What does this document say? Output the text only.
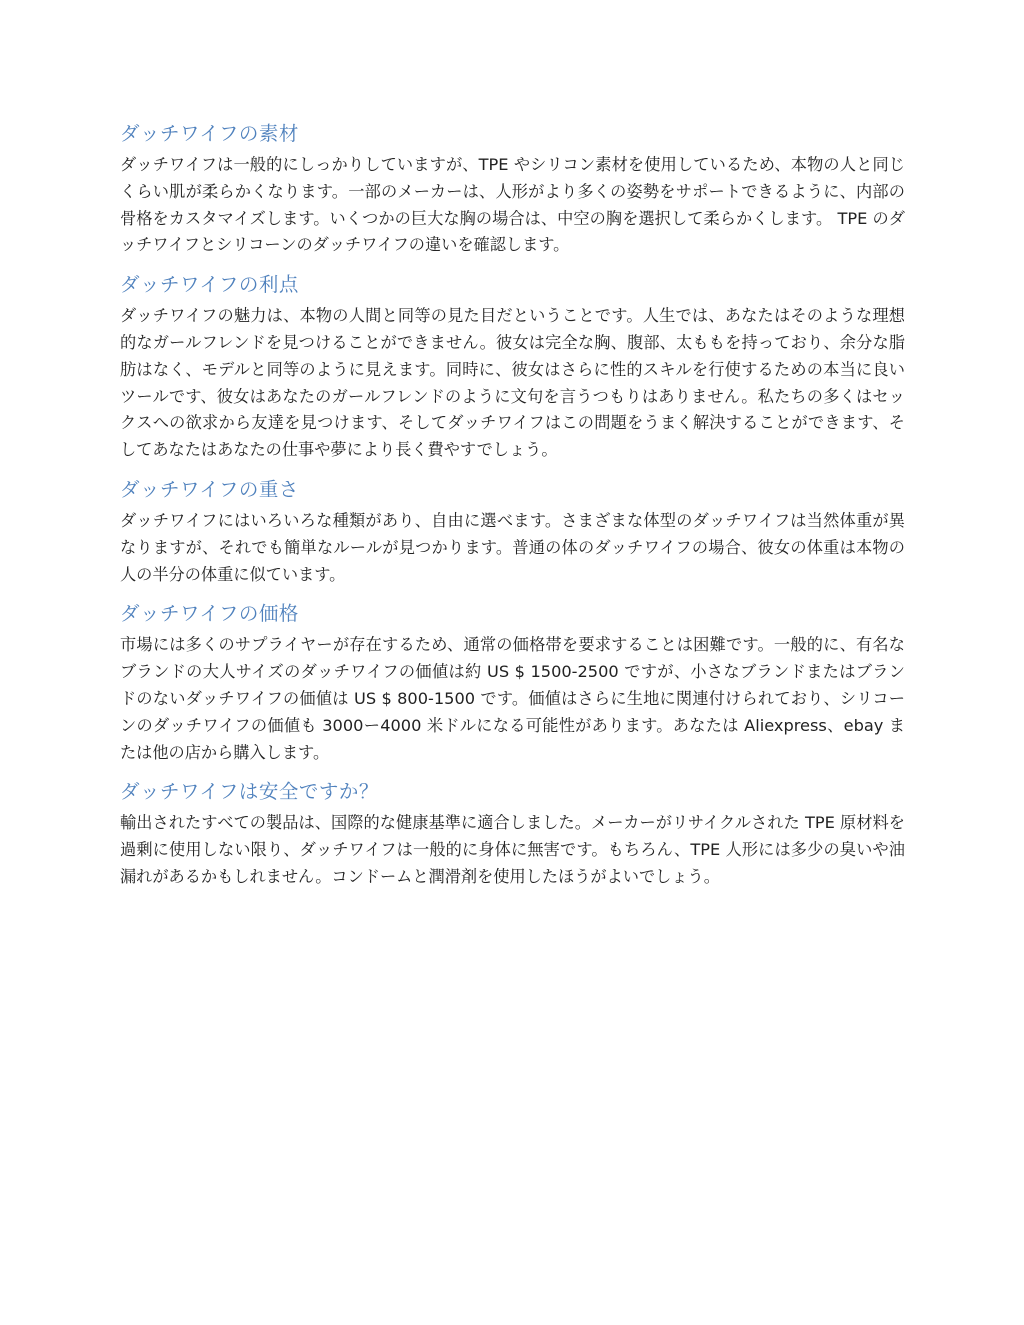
ダッチワイフの素材

ダッチワイフは一般的にしっかりしていますが、TPE やシリコン素材を使用しているため、本物の人と同じくらい肌が柔らかくなります。一部のメーカーは、人形がより多くの姿勢をサポートできるように、内部の骨格をカスタマイズします。いくつかの巨大な胸の場合は、中空の胸を選択して柔らかくします。 TPE のダッチワイフとシリコーンのダッチワイフの違いを確認します。

ダッチワイフの利点

ダッチワイフの魅力は、本物の人間と同等の見た目だということです。人生では、あなたはそのような理想的なガールフレンドを見つけることができません。彼女は完全な胸、腹部、太ももを持っており、余分な脂肪はなく、モデルと同等のように見えます。同時に、彼女はさらに性的スキルを行使するための本当に良いツールです、彼女はあなたのガールフレンドのように文句を言うつもりはありません。私たちの多くはセックスへの欲求から友達を見つけます、そしてダッチワイフはこの問題をうまく解決することができます、そしてあなたはあなたの仕事や夢により長く費やすでしょう。

ダッチワイフの重さ

ダッチワイフにはいろいろな種類があり、自由に選べます。さまざまな体型のダッチワイフは当然体重が異なりますが、それでも簡単なルールが見つかります。普通の体のダッチワイフの場合、彼女の体重は本物の人の半分の体重に似ています。

ダッチワイフの価格

市場には多くのサプライヤーが存在するため、通常の価格帯を要求することは困難です。一般的に、有名なブランドの大人サイズのダッチワイフの価値は約 US $ 1500-2500 ですが、小さなブランドまたはブランドのないダッチワイフの価値は US $ 800-1500 です。価値はさらに生地に関連付けられており、シリコーンのダッチワイフの価値も 3000ー4000 米ドルになる可能性があります。あなたは Aliexpress、ebay または他の店から購入します。

ダッチワイフは安全ですか？

輸出されたすべての製品は、国際的な健康基準に適合しました。メーカーがリサイクルされた TPE 原材料を過剰に使用しない限り、ダッチワイフは一般的に身体に無害です。もちろん、TPE 人形には多少の臭いや油漏れがあるかもしれません。コンドームと潤滑剤を使用したほうがよいでしょう。
